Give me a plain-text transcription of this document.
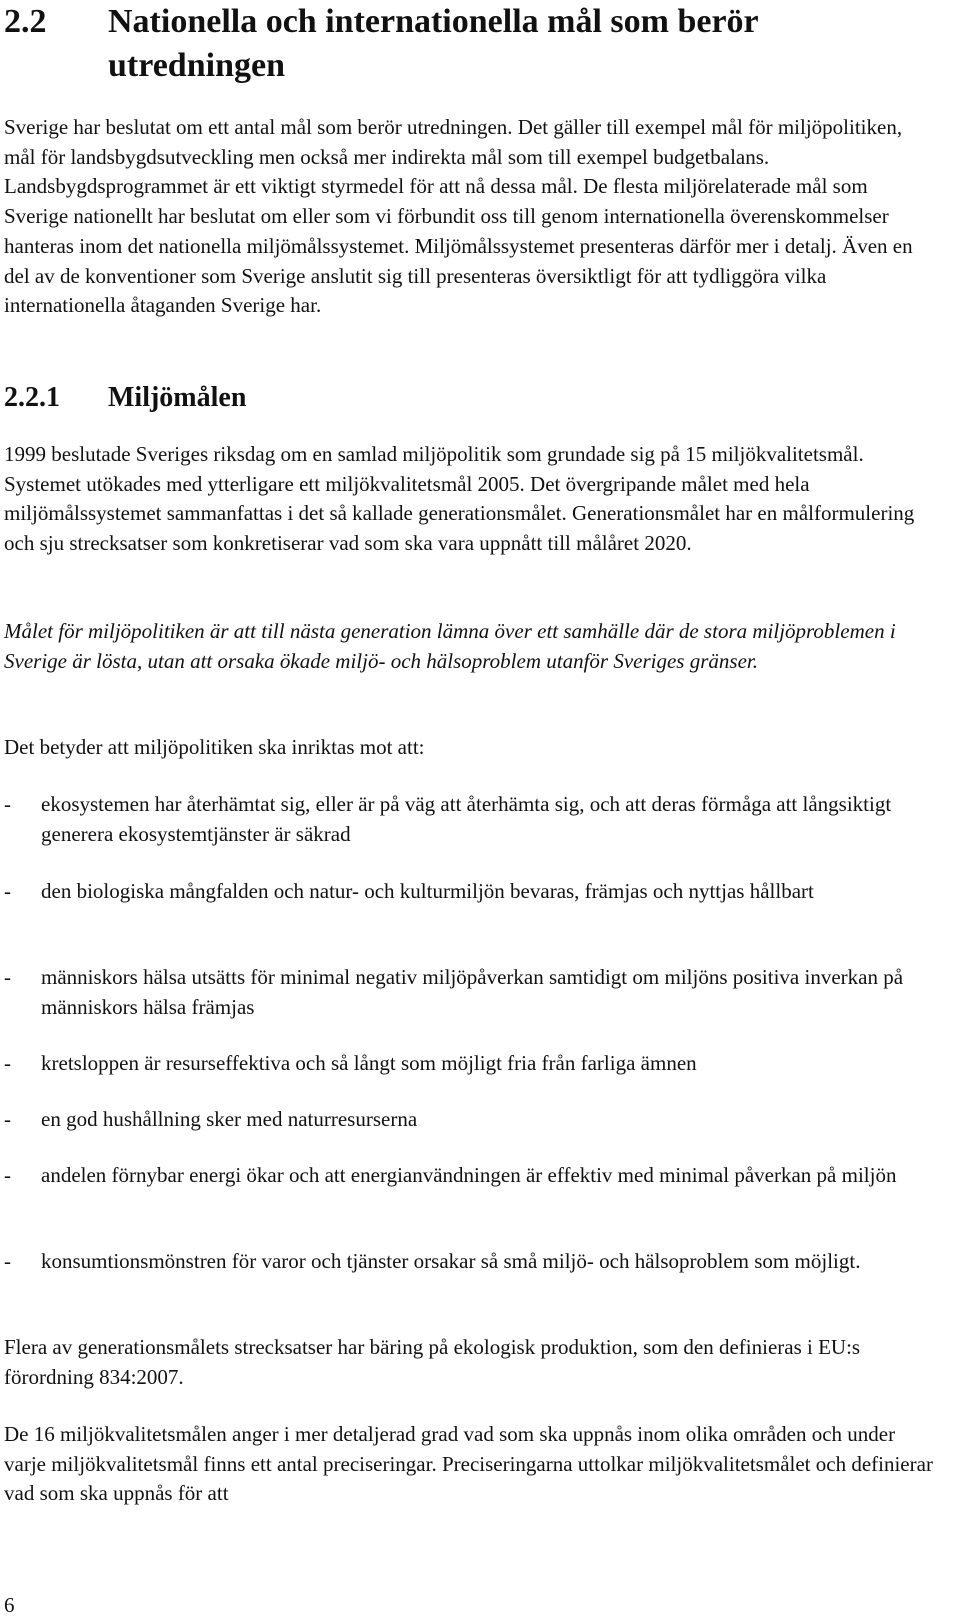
2.2 Nationella och internationella mål som berör utredningen

Sverige har beslutat om ett antal mål som berör utredningen. Det gäller till exempel mål för miljöpolitiken, mål för landsbygdsutveckling men också mer indirekta mål som till exempel budgetbalans. Landsbygdsprogrammet är ett viktigt styrmedel för att nå dessa mål. De flesta miljörelaterade mål som Sverige nationellt har beslutat om eller som vi förbundit oss till genom internationella överenskommelser hanteras inom det nationella miljömålssystemet. Miljömålssystemet presenteras därför mer i detalj. Även en del av de konventioner som Sverige anslutit sig till presenteras översiktligt för att tydliggöra vilka internationella åtaganden Sverige har.

2.2.1 Miljömålen

1999 beslutade Sveriges riksdag om en samlad miljöpolitik som grundade sig på 15 miljökvalitetsmål. Systemet utökades med ytterligare ett miljökvalitetsmål 2005. Det övergripande målet med hela miljömålssystemet sammanfattas i det så kallade generationsmålet. Generationsmålet har en målformulering och sju strecksatser som konkretiserar vad som ska vara uppnått till målåret 2020.

Målet för miljöpolitiken är att till nästa generation lämna över ett samhälle där de stora miljöproblemen i Sverige är lösta, utan att orsaka ökade miljö- och hälsoproblem utanför Sveriges gränser.

Det betyder att miljöpolitiken ska inriktas mot att:

- ekosystemen har återhämtat sig, eller är på väg att återhämta sig, och att deras förmåga att långsiktigt generera ekosystemtjänster är säkrad
- den biologiska mångfalden och natur- och kulturmiljön bevaras, främjas och nyttjas hållbart
- människors hälsa utsätts för minimal negativ miljöpåverkan samtidigt om miljöns positiva inverkan på människors hälsa främjas
- kretsloppen är resurseffektiva och så långt som möjligt fria från farliga ämnen
- en god hushållning sker med naturresurserna
- andelen förnybar energi ökar och att energianvändningen är effektiv med minimal påverkan på miljön
- konsumtionsmönstren för varor och tjänster orsakar så små miljö- och hälsoproblem som möjligt.

Flera av generationsmålets strecksatser har bäring på ekologisk produktion, som den definieras i EU:s förordning 834:2007.

De 16 miljökvalitetsmålen anger i mer detaljerad grad vad som ska uppnås inom olika områden och under varje miljökvalitetsmål finns ett antal preciseringar. Preciseringarna uttolkar miljökvalitetsmålet och definierar vad som ska uppnås för att

6
